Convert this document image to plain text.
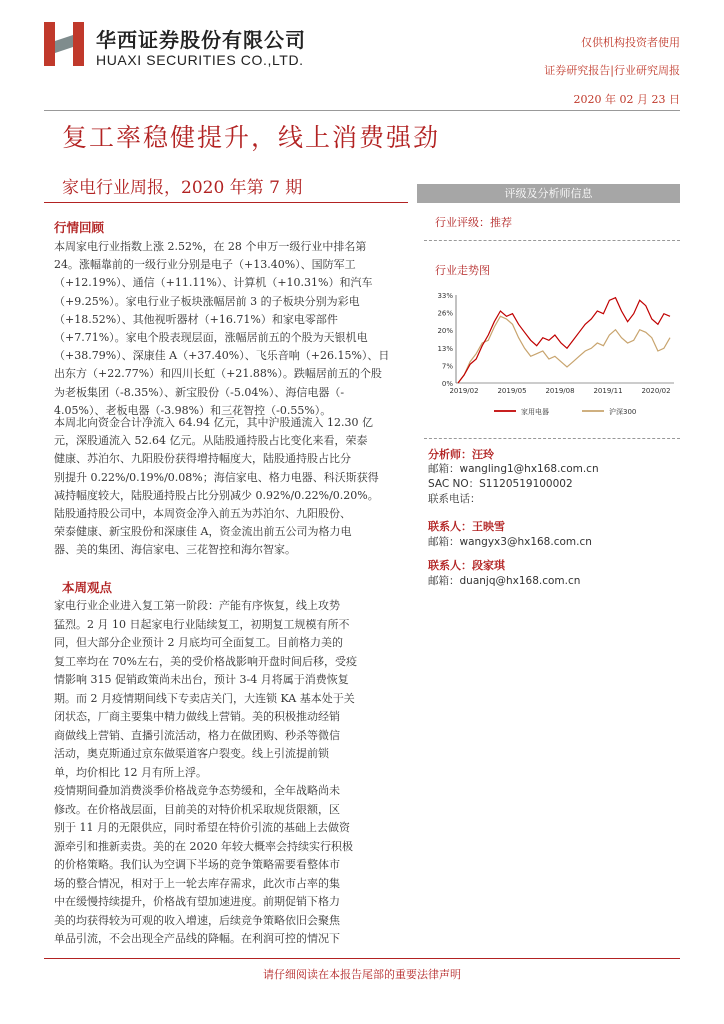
华西证券股份有限公司
HUAXI SECURITIES CO.,LTD.
仅供机构投资者使用
证券研究报告|行业研究周报
2020 年 02 月 23 日
复工率稳健提升，线上消费强劲
家电行业周报，2020 年第 7 期
行情回顾
本周家电行业指数上涨 2.52%，在 28 个申万一级行业中排名第
24。涨幅靠前的一级行业分别是电子（+13.40%）、国防军工
（+12.19%）、通信（+11.11%）、计算机（+10.31%）和汽车
（+9.25%）。家电行业子板块涨幅居前 3 的子板块分别为彩电
（+18.52%）、其他视听器材（+16.71%）和家电零部件
（+7.71%）。家电个股表现层面，涨幅居前五的个股为天银机电
（+38.79%）、深康佳 A（+37.40%）、飞乐音响（+26.15%）、日
出东方（+22.77%）和四川长虹（+21.88%）。跌幅居前五的个股
为老板集团（-8.35%）、新宝股份（-5.04%）、海信电器（-
4.05%）、老板电器（-3.98%）和三花智控（-0.55%）。
本周北向资金合计净流入 64.94 亿元，其中沪股通流入 12.30 亿
元，深股通流入 52.64 亿元。从陆股通持股占比变化来看，荣泰
健康、苏泊尔、九阳股份获得增持幅度大，陆股通持股占比分
别提升 0.22%/0.19%/0.08%；海信家电、格力电器、科沃斯获得
减持幅度较大，陆股通持股占比分别减少 0.92%/0.22%/0.20%。
陆股通持股公司中，本周资金净入前五为苏泊尔、九阳股份、
荣泰健康、新宝股份和深康佳 A，资金流出前五公司为格力电
器、美的集团、海信家电、三花智控和海尔智家。
本周观点
家电行业企业进入复工第一阶段：产能有序恢复，线上攻势
猛烈。2 月 10 日起家电行业陆续复工，初期复工规模有所不
同，但大部分企业预计 2 月底均可全面复工。目前格力美的
复工率均在 70%左右，美的受价格战影响开盘时间后移，受疫
情影响 315 促销政策尚未出台，预计 3-4 月将属于消费恢复
期。而 2 月疫情期间线下专卖店关门，大连锁 KA 基本处于关
闭状态，厂商主要集中精力做线上营销。美的积极推动经销
商做线上营销、直播引流活动，格力在做团购、秒杀等微信
活动，奥克斯通过京东做渠道客户裂变。线上引流提前锁
单，均价相比 12 月有所上浮。
疫情期间叠加消费淡季价格战竞争态势缓和，全年战略尚未
修改。在价格战层面，目前美的对特价机采取规货限额，区
别于 11 月的无限供应，同时希望在特价引流的基础上去做资
源牵引和推新卖贵。美的在 2020 年较大概率会持续实行积极
的价格策略。我们认为空调下半场的竞争策略需要看整体市
场的整合情况，相对于上一轮去库存需求，此次市占率的集
中在缓慢持续提升，价格战有望加速进度。前期促销下格力
美的均获得较为可观的收入增速，后续竞争策略依旧会聚焦
单品引流，不会出现全产品线的降幅。在利润可控的情况下
评级及分析师信息
行业评级：推荐
行业走势图
0%
7%
13%
20%
26%
33%
2019/02	2019/05	2019/08	2019/11	2020/02
家用电器	沪深300
分析师：汪玲
邮箱：wangling1@hx168.com.cn
SAC NO：S1120519100002
联系电话：
联系人：王映雪
邮箱：wangyx3@hx168.com.cn
联系人：段家琪
邮箱：duanjq@hx168.com.cn
请仔细阅读在本报告尾部的重要法律声明
